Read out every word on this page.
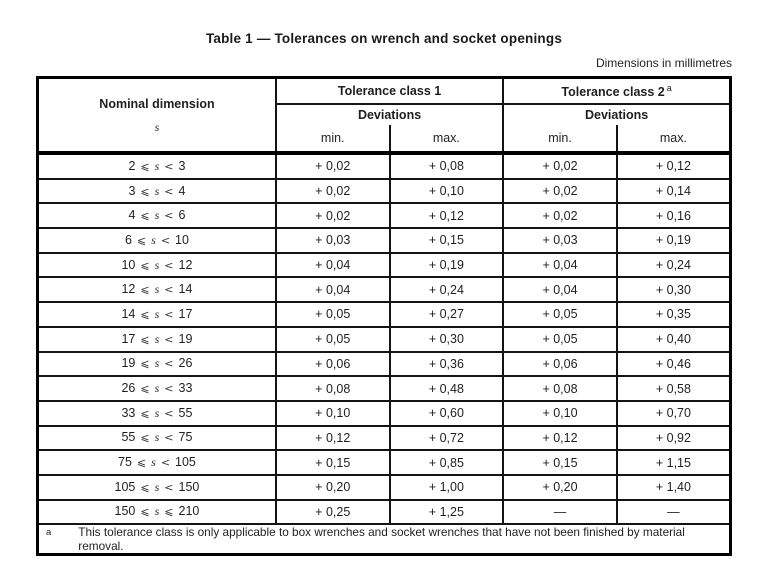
Table 1 — Tolerances on wrench and socket openings
Dimensions in millimetres
Nominal dimension
s	Tolerance class 1		Tolerance class 2 $^a$
	Deviations		Deviations	
	min.	max.	min.	max.
2 ⩽ s < 3	+ 0,02	+ 0,08	+ 0,02	+ 0,12
3 ⩽ s < 4	+ 0,02	+ 0,10	+ 0,02	+ 0,14
4 ⩽ s < 6	+ 0,02	+ 0,12	+ 0,02	+ 0,16
6 ⩽ s < 10	+ 0,03	+ 0,15	+ 0,03	+ 0,19
10 ⩽ s < 12	+ 0,04	+ 0,19	+ 0,04	+ 0,24
12 ⩽ s < 14	+ 0,04	+ 0,24	+ 0,04	+ 0,30
14 ⩽ s < 17	+ 0,05	+ 0,27	+ 0,05	+ 0,35
17 ⩽ s < 19	+ 0,05	+ 0,30	+ 0,05	+ 0,40
19 ⩽ s < 26	+ 0,06	+ 0,36	+ 0,06	+ 0,46
26 ⩽ s < 33	+ 0,08	+ 0,48	+ 0,08	+ 0,58
33 ⩽ s < 55	+ 0,10	+ 0,60	+ 0,10	+ 0,70
55 ⩽ s < 75	+ 0,12	+ 0,72	+ 0,12	+ 0,92
75 ⩽ s < 105	+ 0,15	+ 0,85	+ 0,15	+ 1,15
105 ⩽ s < 150	+ 0,20	+ 1,00	+ 0,20	+ 1,40
150 ⩽ s ⩽ 210	+ 0,25	+ 1,25	—	—

a This tolerance class is only applicable to box wrenches and socket wrenches that have not been finished by material removal.				
